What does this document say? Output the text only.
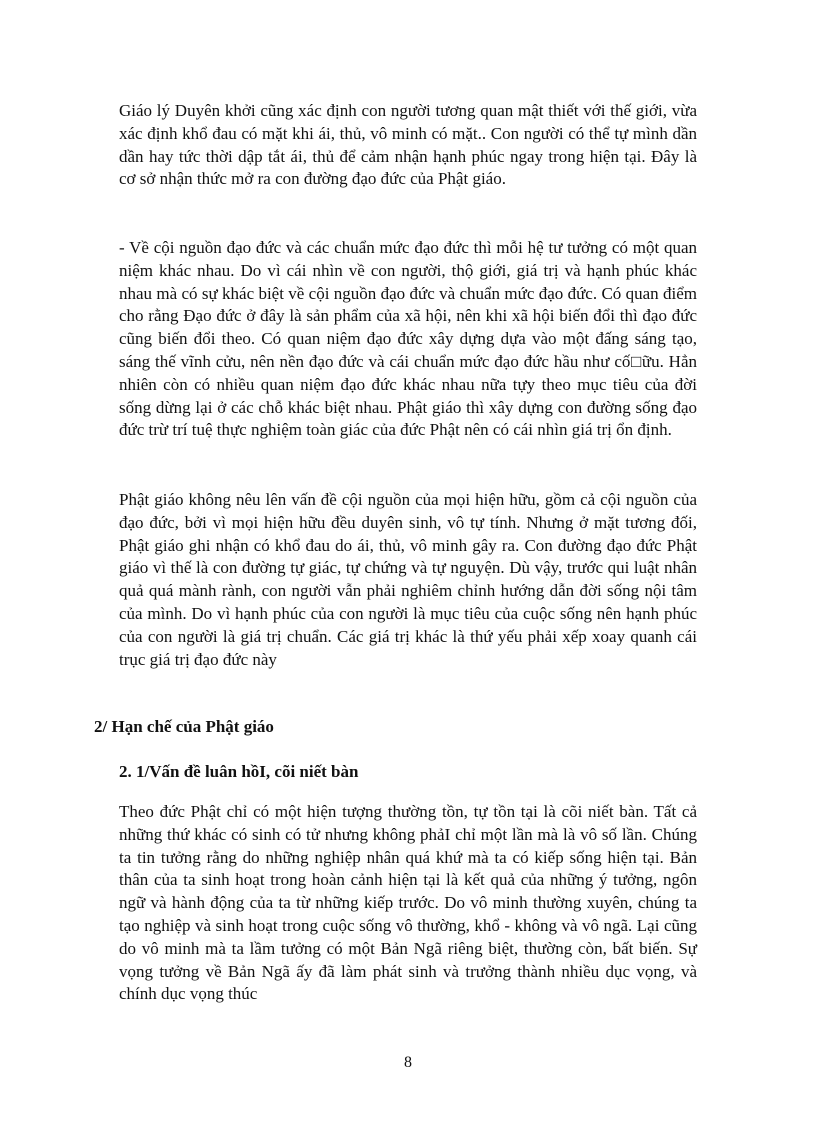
Giáo lý Duyên khởi cũng xác định con người tương quan mật thiết với thế giới, vừa xác định khổ đau có mặt khi ái, thủ, vô minh có mặt.. Con người có thể tự mình dần dần hay tức thời dập tắt ái, thủ để cảm nhận hạnh phúc ngay trong hiện tại. Đây là cơ sở nhận thức mở ra con đường đạo đức của Phật giáo.

- Về cội nguồn đạo đức và các chuẩn mức đạo đức thì mỗi hệ tư tưởng có một quan niệm khác nhau. Do vì cái nhìn về con người, thộ giới, giá trị và hạnh phúc khác nhau mà có sự khác biệt về cội nguồn đạo đức và chuẩn mức đạo đức. Có quan điểm cho rằng Đạo đức ở đây là sản phẩm của xã hội, nên khi xã hội biến đổi thì đạo đức cũng biến đổi theo. Có quan niệm đạo đức xây dựng dựa vào một đấng sáng tạo, sáng thế vĩnh cửu, nên nền đạo đức và cái chuẩn mức đạo đức hầu như cố□ữu. Hẳn nhiên còn có nhiều quan niệm đạo đức khác nhau nữa tựy theo mục tiêu của đời sống dừng lại ở các chỗ khác biệt nhau. Phật giáo thì xây dựng con đường sống đạo đức trừ trí tuệ thực nghiệm toàn giác của đức Phật nên có cái nhìn giá trị ổn định.

Phật giáo không nêu lên vấn đề cội nguồn của mọi hiện hữu, gồm cả cội nguồn của đạo đức, bởi vì mọi hiện hữu đều duyên sinh, vô tự tính. Nhưng ở mặt tương đối, Phật giáo ghi nhận có khổ đau do ái, thủ, vô minh gây ra. Con đường đạo đức Phật giáo vì thế là con đường tự giác, tự chứng và tự nguyện. Dù vậy, trước qui luật nhân quả quá mành rành, con người vẫn phải nghiêm chỉnh hướng dẫn đời sống nội tâm của mình. Do vì hạnh phúc của con người là mục tiêu của cuộc sống nên hạnh phúc của con người là giá trị chuẩn. Các giá trị khác là thứ yếu phải xếp xoay quanh cái trục giá trị đạo đức này

2/ Hạn chế của Phật giáo

2. 1/Vấn đề luân hồI, cõi niết bàn

Theo đức Phật chỉ có một hiện tượng thường tồn, tự tồn tại là cõi niết bàn. Tất cả những thứ khác có sinh có tử nhưng không phảI chỉ một lần mà là vô số lần. Chúng ta tin tưởng rằng do những nghiệp nhân quá khứ mà ta có kiếp sống hiện tại. Bản thân của ta sinh hoạt trong hoàn cảnh hiện tại là kết quả của những ý tưởng, ngôn ngữ và hành động của ta từ những kiếp trước. Do vô minh thường xuyên, chúng ta tạo nghiệp và sinh hoạt trong cuộc sống vô thường, khổ - không và vô ngã. Lại cũng do vô minh mà ta lầm tưởng có một Bản Ngã riêng biệt, thường còn, bất biến. Sự vọng tưởng về Bản Ngã ấy đã làm phát sinh và trưởng thành nhiều dục vọng, và chính dục vọng thúc

8
